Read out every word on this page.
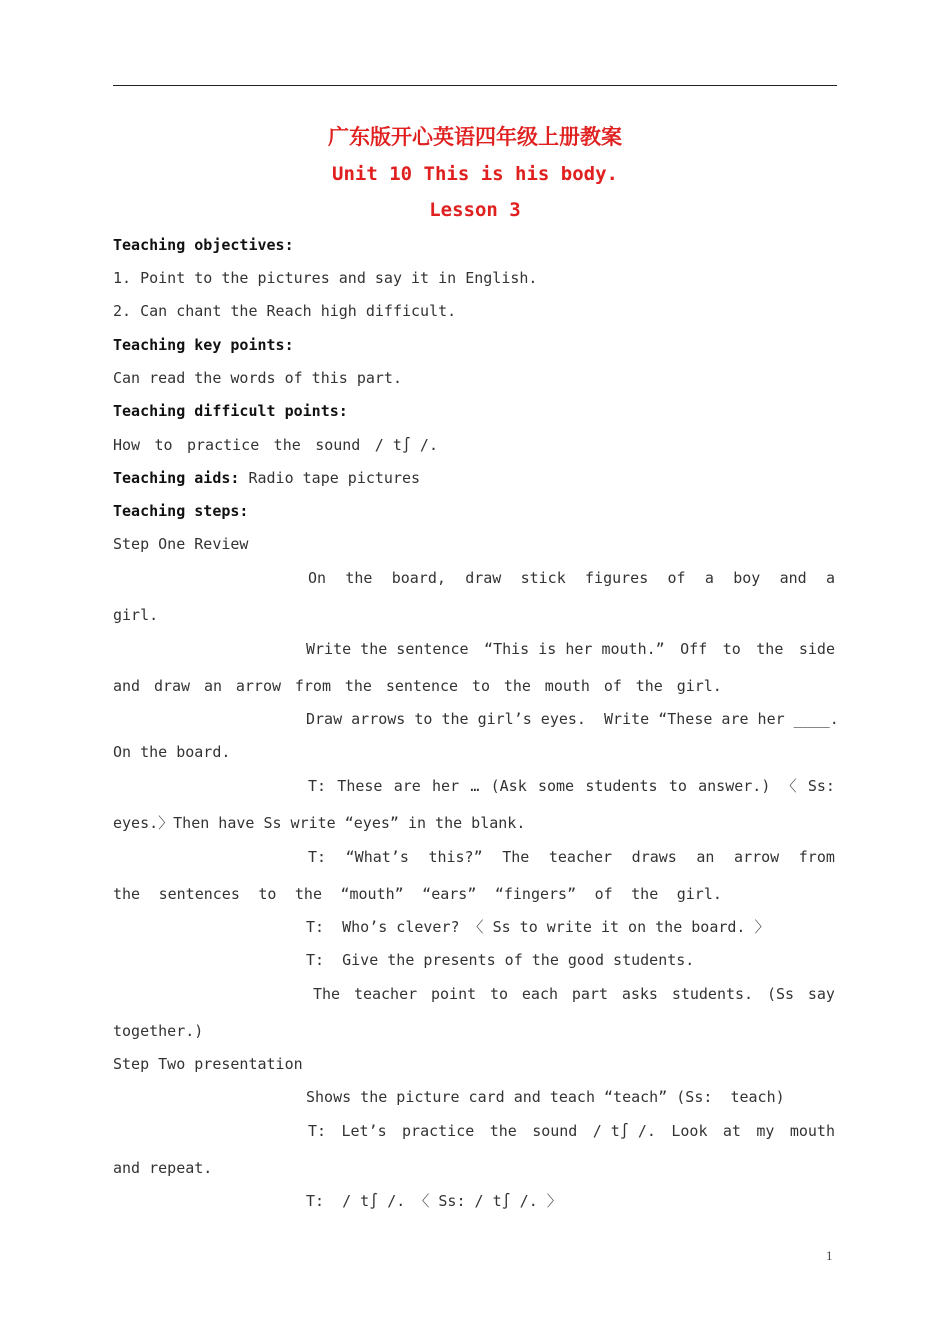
广东版开心英语四年级上册教案
Unit 10 This is his body.
Lesson 3
Teaching objectives:
1. Point to the pictures and say it in English.
2. Can chant the Reach high difficult.
Teaching key points:
Can read the words of this part.
Teaching difficult points:
How to practice the sound / t∫ /.
Teaching aids: Radio tape pictures
Teaching steps:
Step One Review
On the board, draw stick figures of a boy and a
girl.
Write the sentence “This is her mouth.” Off to the side
and draw an arrow from the sentence to the mouth of the girl.
Draw arrows to the girl’s eyes.  Write “These are her ____.
On the board.
T: These are her … (Ask some students to answer.) 〈 Ss:
eyes.〉Then have Ss write “eyes” in the blank.
T: “What’s this?” The teacher draws an arrow from
the sentences to the “mouth” “ears” “fingers” of the girl.
T:  Who’s clever? 〈 Ss to write it on the board. 〉
T:  Give the presents of the good students.
The teacher point to each part asks students. (Ss say
together.)
Step Two presentation
Shows the picture card and teach “teach” (Ss:  teach)
T: Let’s practice the sound / t∫ /. Look at my mouth
and repeat.
T:  / t∫ /. 〈 Ss: / t∫ /. 〉
1
